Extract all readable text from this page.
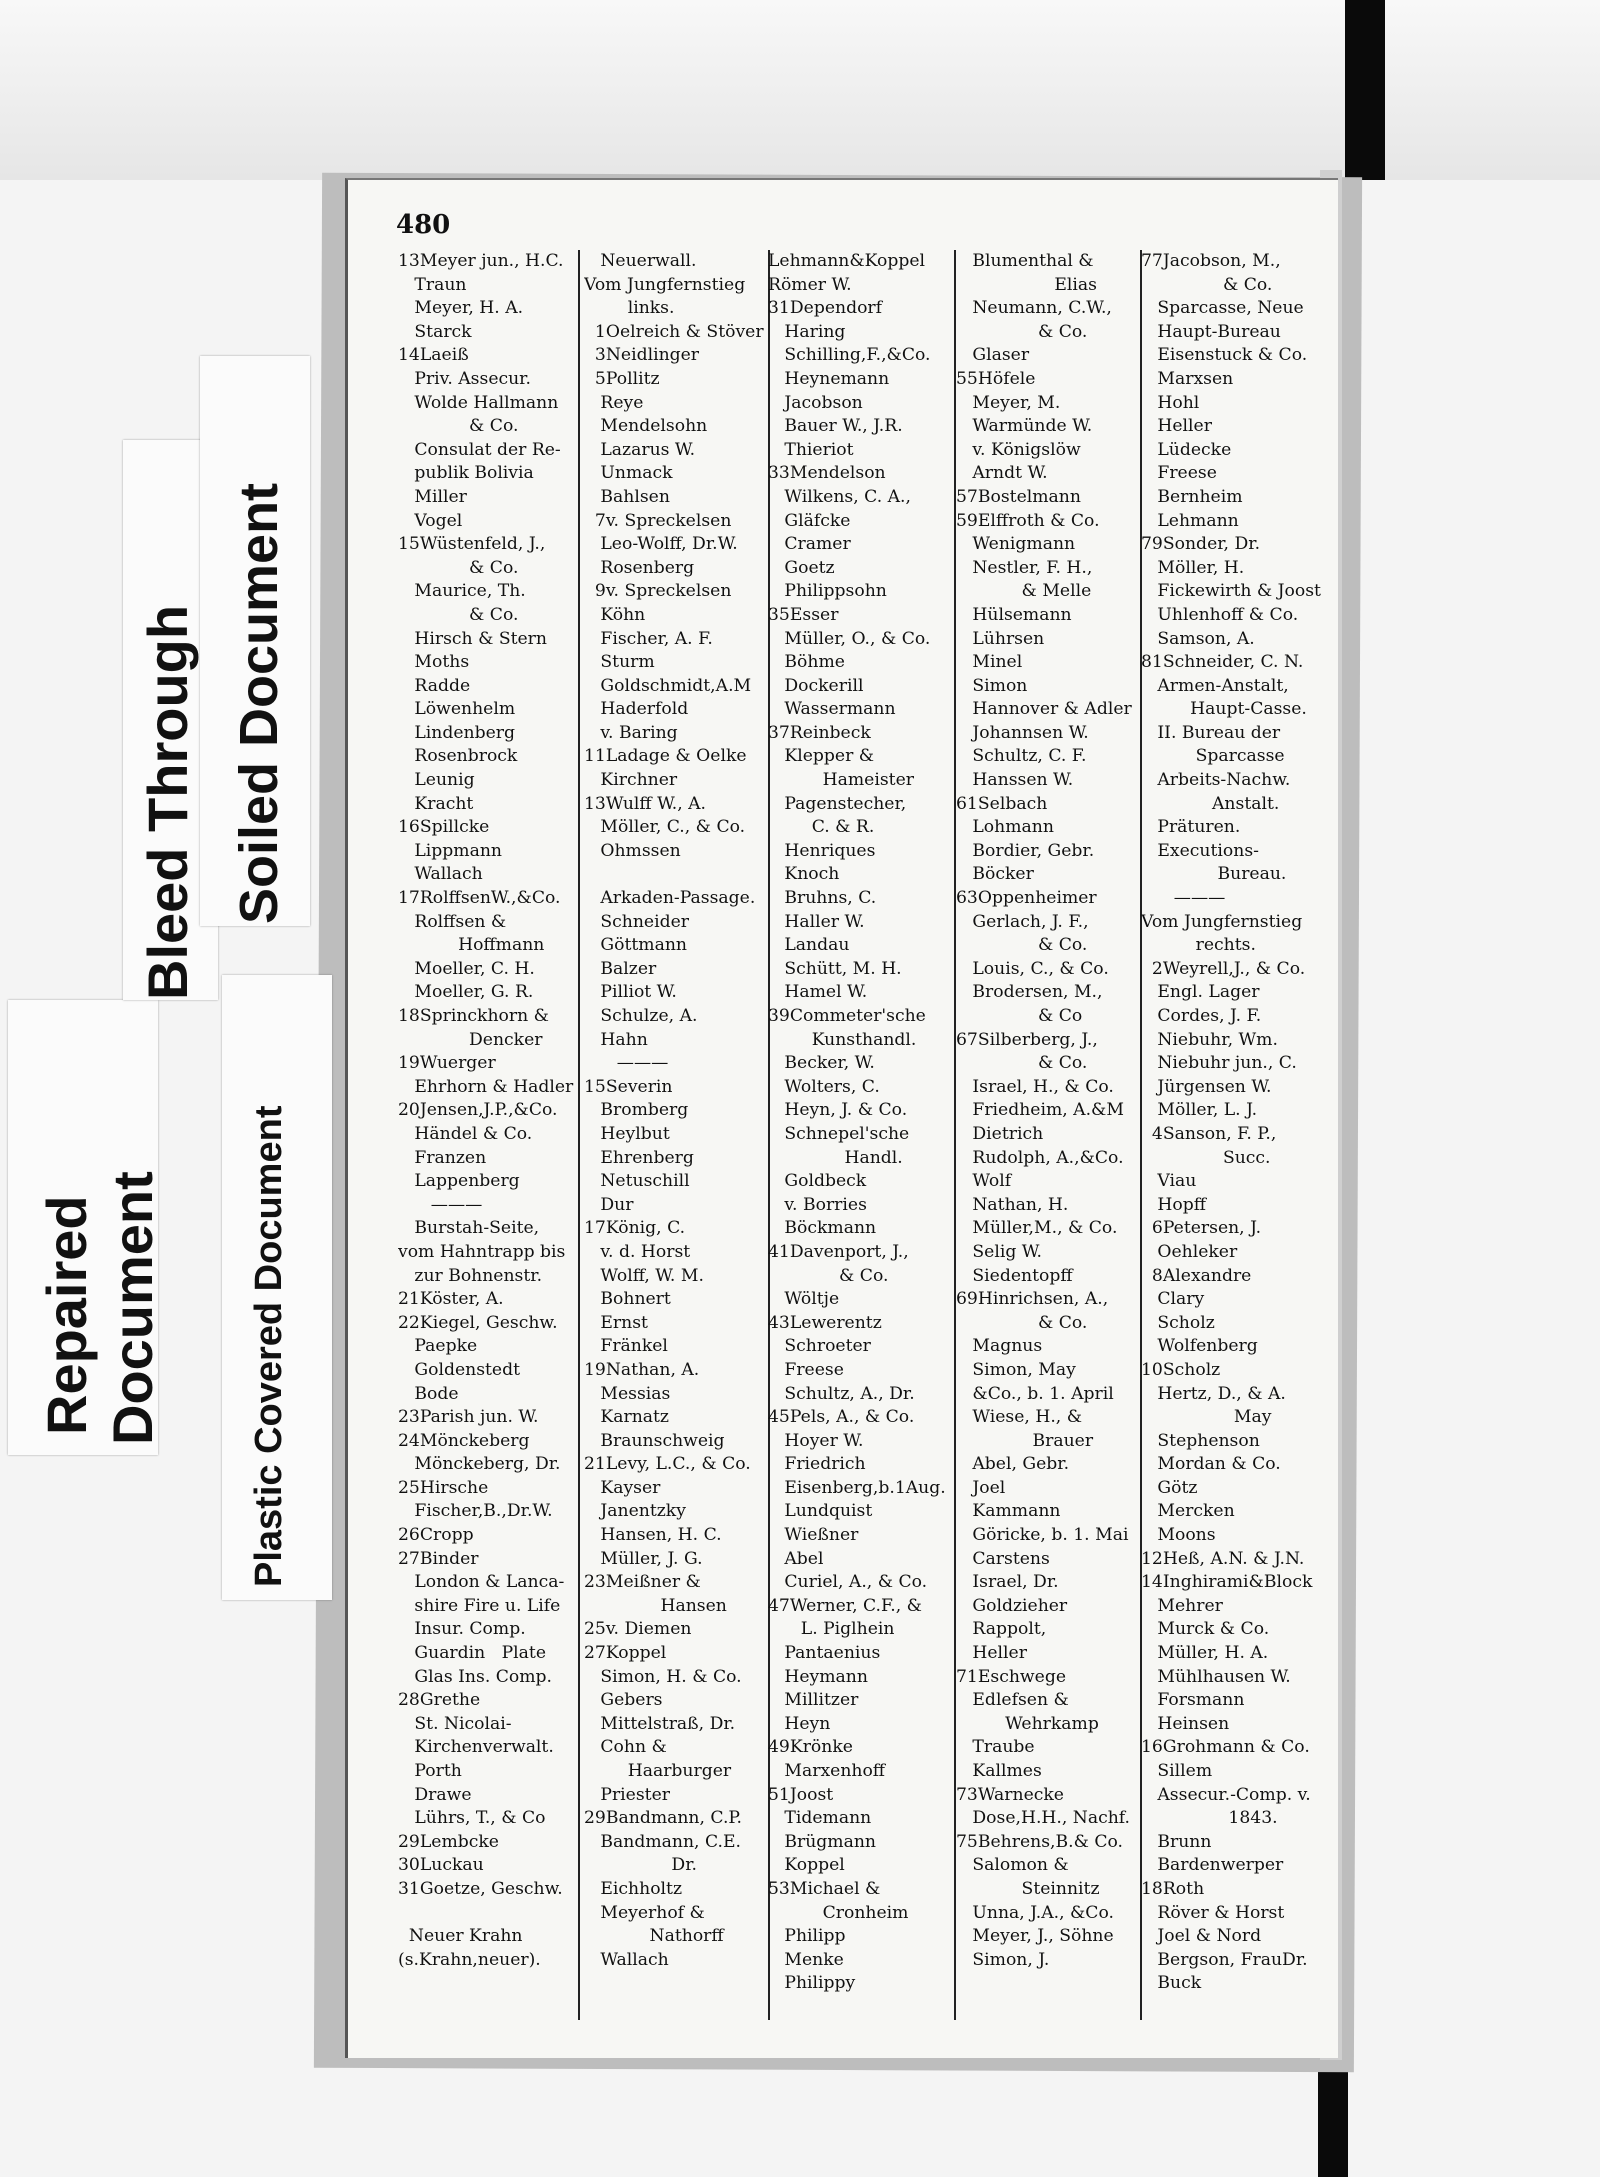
480
13Meyer jun., H.C.
Traun
Meyer, H. A.
Starck
14Laeiß
Priv. Assecur.
Wolde Hallmann
& Co.
Consulat der Re-
publik Bolivia
Miller
Vogel
15Wüstenfeld, J.,
& Co.
Maurice, Th.
& Co.
Hirsch & Stern
Moths
Radde
Löwenhelm
Lindenberg
Rosenbrock
Leunig
Kracht
16Spillcke
Lippmann
Wallach
17RolffsenW.,&Co.
Rolffsen &
Hoffmann
Moeller, C. H.
Moeller, G. R.
18Sprinckhorn &
Dencker
19Wuerger
Ehrhorn & Hadler
20Jensen,J.P.,&Co.
Händel & Co.
Franzen
Lappenberg
———
Burstah-Seite,
vom Hahntrapp bis
zur Bohnenstr.
21Köster, A.
22Kiegel, Geschw.
Paepke
Goldenstedt
Bode
23Parish jun. W.
24Mönckeberg
Mönckeberg, Dr.
25Hirsche
Fischer,B.,Dr.W.
26Cropp
27Binder
London & Lanca-
shire Fire u. Life
Insur. Comp.
Guardin   Plate
Glas Ins. Comp.
28Grethe
St. Nicolai-
Kirchenverwalt.
Porth
Drawe
Lührs, T., & Co
29Lembcke
30Luckau
31Goetze, Geschw.
Neuer Krahn
(s.Krahn,neuer).
Neuerwall.
Vom Jungfernstieg
links.
1Oelreich & Stöver
3Neidlinger
5Pollitz
Reye
Mendelsohn
Lazarus W.
Unmack
Bahlsen
7v. Spreckelsen
Leo-Wolff, Dr.W.
Rosenberg
9v. Spreckelsen
Köhn
Fischer, A. F.
Sturm
Goldschmidt,A.M
Haderfold
v. Baring
11Ladage & Oelke
Kirchner
13Wulff W., A.
Möller, C., & Co.
Ohmssen
Arkaden-Passage.
Schneider
Göttmann
Balzer
Pilliot W.
Schulze, A.
Hahn
———
15Severin
Bromberg
Heylbut
Ehrenberg
Netuschill
Dur
17König, C.
v. d. Horst
Wolff, W. M.
Bohnert
Ernst
Fränkel
19Nathan, A.
Messias
Karnatz
Braunschweig
21Levy, L.C., & Co.
Kayser
Janentzky
Hansen, H. C.
Müller, J. G.
23Meißner &
Hansen
25v. Diemen
27Koppel
Simon, H. & Co.
Gebers
Mittelstraß, Dr.
Cohn &
Haarburger
Priester
29Bandmann, C.P.
Bandmann, C.E.
Dr.
Eichholtz
Meyerhof &
Nathorff
Wallach
Lehmann&Koppel
Römer W.
31Dependorf
Haring
Schilling,F.,&Co.
Heynemann
Jacobson
Bauer W., J.R.
Thieriot
33Mendelson
Wilkens, C. A.,
Gläfcke
Cramer
Goetz
Philippsohn
35Esser
Müller, O., & Co.
Böhme
Dockerill
Wassermann
37Reinbeck
Klepper &
Hameister
Pagenstecher,
C. & R.
Henriques
Knoch
Bruhns, C.
Haller W.
Landau
Schütt, M. H.
Hamel W.
39Commeter'sche
Kunsthandl.
Becker, W.
Wolters, C.
Heyn, J. & Co.
Schnepel'sche
Handl.
Goldbeck
v. Borries
Böckmann
41Davenport, J.,
& Co.
Wöltje
43Lewerentz
Schroeter
Freese
Schultz, A., Dr.
45Pels, A., & Co.
Hoyer W.
Friedrich
Eisenberg,b.1Aug.
Lundquist
Wießner
Abel
Curiel, A., & Co.
47Werner, C.F., &
L. Piglhein
Pantaenius
Heymann
Millitzer
Heyn
49Krönke
Marxenhoff
51Joost
Tidemann
Brügmann
Koppel
53Michael &
Cronheim
Philipp
Menke
Philippy
Blumenthal &
Elias
Neumann, C.W.,
& Co.
Glaser
55Höfele
Meyer, M.
Warmünde W.
v. Königslöw
Arndt W.
57Bostelmann
59Elffroth & Co.
Wenigmann
Nestler, F. H.,
& Melle
Hülsemann
Lührsen
Minel
Simon
Hannover & Adler
Johannsen W.
Schultz, C. F.
Hanssen W.
61Selbach
Lohmann
Bordier, Gebr.
Böcker
63Oppenheimer
Gerlach, J. F.,
& Co.
Louis, C., & Co.
Brodersen, M.,
& Co
67Silberberg, J.,
& Co.
Israel, H., & Co.
Friedheim, A.&M
Dietrich
Rudolph, A.,&Co.
Wolf
Nathan, H.
Müller,M., & Co.
Selig W.
Siedentopff
69Hinrichsen, A.,
& Co.
Magnus
Simon, May
&Co., b. 1. April
Wiese, H., &
Brauer
Abel, Gebr.
Joel
Kammann
Göricke, b. 1. Mai
Carstens
Israel, Dr.
Goldzieher
Rappolt,
Heller
71Eschwege
Edlefsen &
Wehrkamp
Traube
Kallmes
73Warnecke
Dose,H.H., Nachf.
75Behrens,B.& Co.
Salomon &
Steinnitz
Unna, J.A., &Co.
Meyer, J., Söhne
Simon, J.
77Jacobson, M.,
& Co.
Sparcasse, Neue
Haupt-Bureau
Eisenstuck & Co.
Marxsen
Hohl
Heller
Lüdecke
Freese
Bernheim
Lehmann
79Sonder, Dr.
Möller, H.
Fickewirth & Joost
Uhlenhoff & Co.
Samson, A.
81Schneider, C. N.
Armen-Anstalt,
Haupt-Casse.
II. Bureau der
Sparcasse
Arbeits-Nachw.
Anstalt.
Präturen.
Executions-
Bureau.
———
Vom Jungfernstieg
rechts.
2Weyrell,J., & Co.
Engl. Lager
Cordes, J. F.
Niebuhr, Wm.
Niebuhr jun., C.
Jürgensen W.
Möller, L. J.
4Sanson, F. P.,
Succ.
Viau
Hopff
6Petersen, J.
Oehleker
8Alexandre
Clary
Scholz
Wolfenberg
10Scholz
Hertz, D., & A.
May
Stephenson
Mordan & Co.
Götz
Mercken
Moons
12Heß, A.N. & J.N.
14Inghirami&Block
Mehrer
Murck & Co.
Müller, H. A.
Mühlhausen W.
Forsmann
Heinsen
16Grohmann & Co.
Sillem
Assecur.-Comp. v.
1843.
Brunn
Bardenwerper
18Roth
Röver & Horst
Joel & Nord
Bergson, FrauDr.
Buck
Repaired Document
Bleed Through Soiled Document
Plastic Covered Document
